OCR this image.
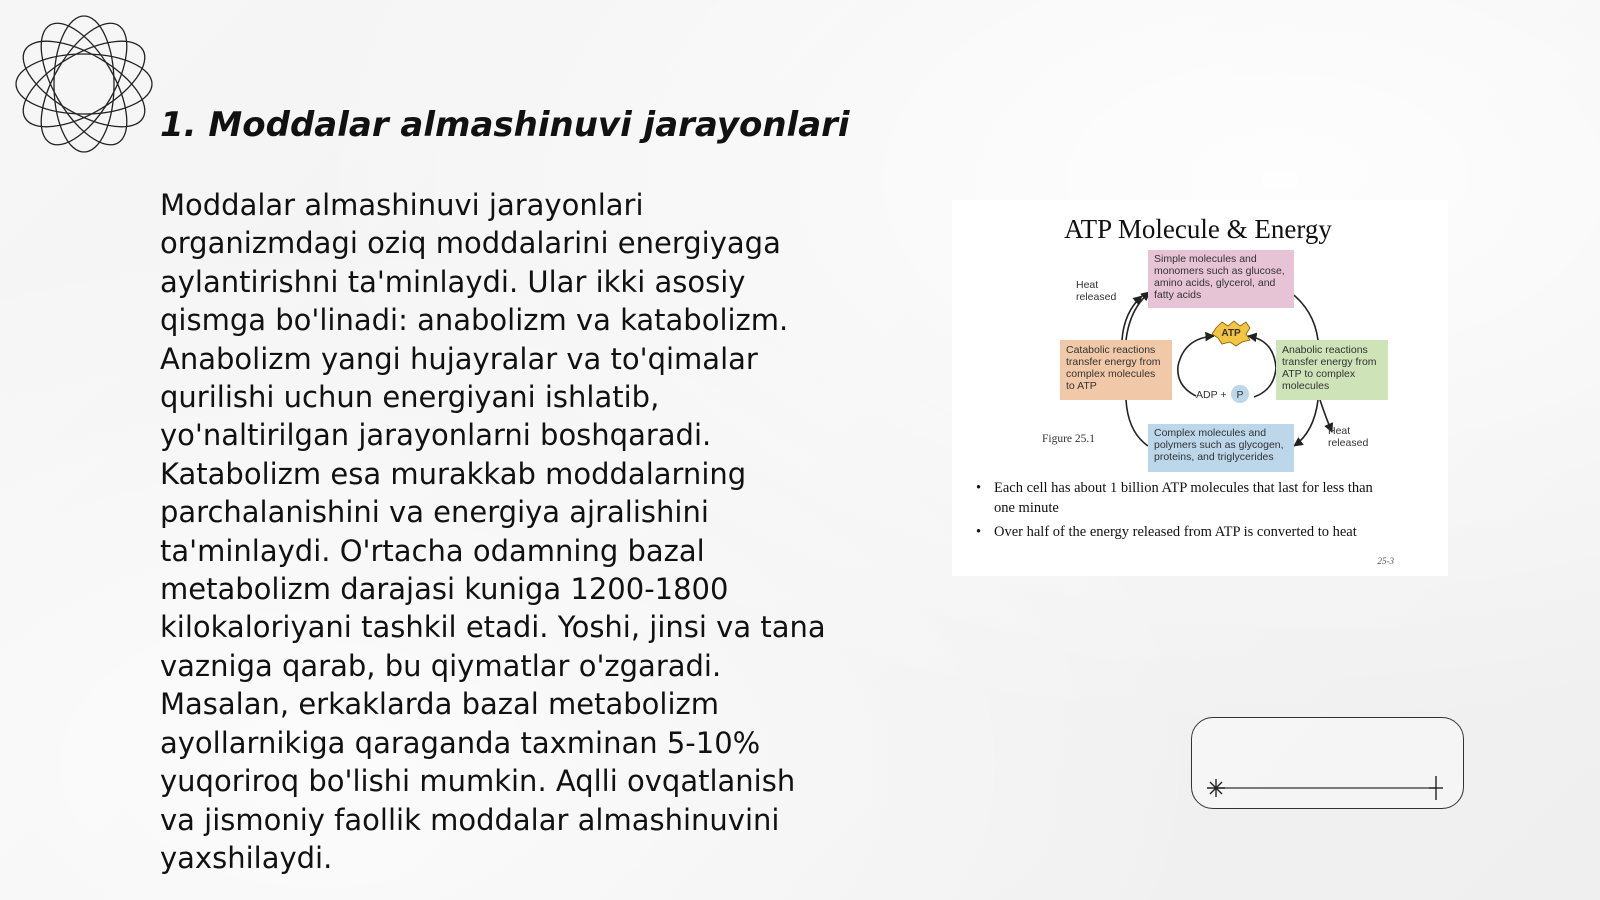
1. Moddalar almashinuvi jarayonlari

Moddalar almashinuvi jarayonlari organizmdagi oziq moddalarini energiyaga aylantirishni ta'minlaydi. Ular ikki asosiy qismga bo'linadi: anabolizm va katabolizm. Anabolizm yangi hujayralar va to'qimalar qurilishi uchun energiyani ishlatib, yo'naltirilgan jarayonlarni boshqaradi. Katabolizm esa murakkab moddalarning parchalanishini va energiya ajralishini ta'minlaydi. O'rtacha odamning bazal metabolizm darajasi kuniga 1200-1800 kilokaloriyani tashkil etadi. Yoshi, jinsi va tana vazniga qarab, bu qiymatlar o'zgaradi. Masalan, erkaklarda bazal metabolizm ayollarnikiga qaraganda taxminan 5-10% yuqoriroq bo'lishi mumkin. Aqlli ovqatlanish va jismoniy faollik moddalar almashinuvini yaxshilaydi.

ATP Molecule & Energy
Simple molecules and monomers such as glucose, amino acids, glycerol, and fatty acids
Catabolic reactions transfer energy from complex molecules to ATP
Anabolic reactions transfer energy from ATP to complex molecules
Complex molecules and polymers such as glycogen, proteins, and triglycerides
ATP
ADP + P
Heat released
Heat released
Figure 25.1
• Each cell has about 1 billion ATP molecules that last for less than one minute
• Over half of the energy released from ATP is converted to heat
25-3
